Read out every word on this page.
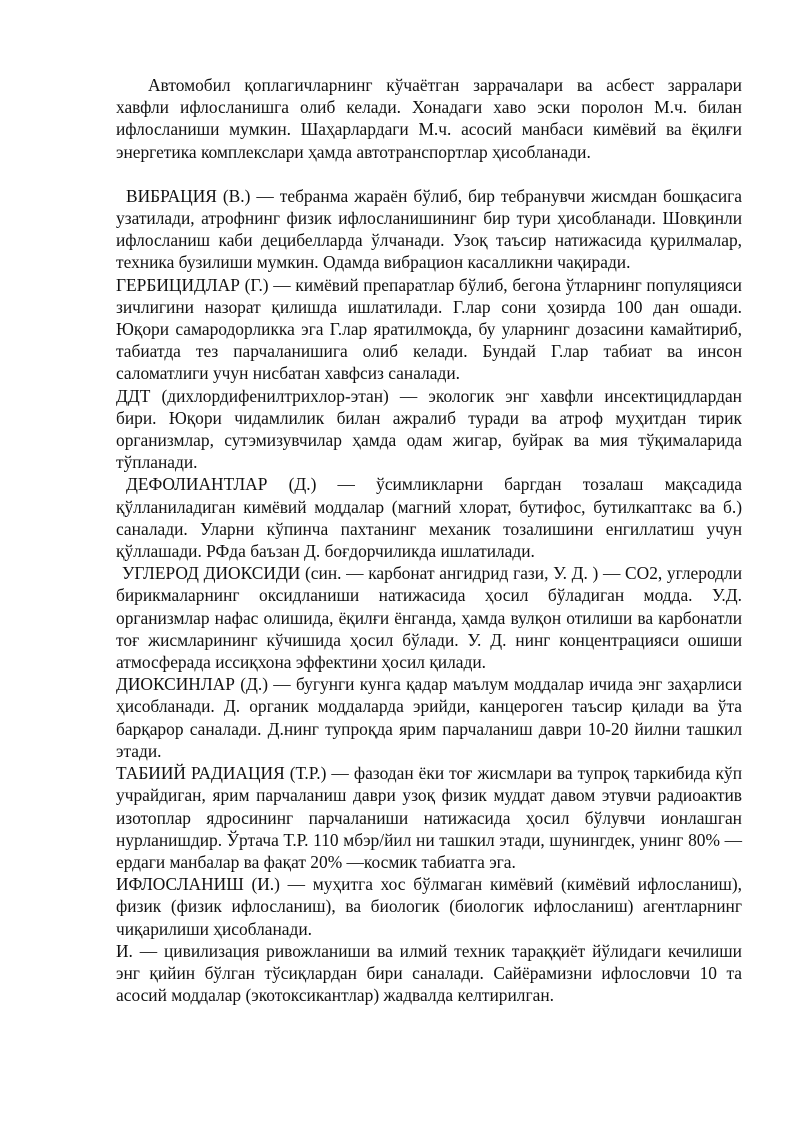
Автомобил қоплагичларнинг кўчаётган заррачалари ва асбест зарралари хавфли ифлосланишга олиб келади. Хонадаги хаво эски поролон М.ч. билан ифлосланиши мумкин. Шаҳарлардаги М.ч. асосий манбаси кимёвий ва ёқилғи энергетика комплекслари ҳамда автотранспортлар ҳисобланади.

ВИБРАЦИЯ (В.) — тебранма жараён бўлиб, бир тебранувчи жисмдан бошқасига узатилади, атрофнинг физик ифлосланишининг бир тури ҳисобланади. Шовқинли ифлосланиш каби децибелларда ўлчанади. Узоқ таъсир натижасида қурилмалар, техника бузилиши мумкин. Одамда вибрацион касалликни чақиради.

ГЕРБИЦИДЛАР (Г.) — кимёвий препаратлар бўлиб, бегона ўтларнинг популяцияси зичлигини назорат қилишда ишлатилади. Г.лар сони ҳозирда 100 дан ошади. Юқори самародорликка эга Г.лар яратилмоқда, бу уларнинг дозасини камайтириб, табиатда тез парчаланишига олиб келади. Бундай Г.лар табиат ва инсон саломатлиги учун нисбатан хавфсиз саналади.

ДДТ (дихлордифенилтрихлор-этан) — экологик энг хавфли инсектицидлардан бири. Юқори чидамлилик билан ажралиб туради ва атроф муҳитдан тирик организмлар, сутэмизувчилар ҳамда одам жигар, буйрак ва мия тўқималарида тўпланади.

ДЕФОЛИАНТЛАР (Д.) — ўсимликларни баргдан тозалаш мақсадида қўлланиладиган кимёвий моддалар (магний хлорат, бутифос, бутилкаптакс ва б.) саналади. Уларни кўпинча пахтанинг механик тозалишини енгиллатиш учун қўллашади. РФда баъзан Д. боғдорчиликда ишлатилади.

УГЛЕРОД ДИОКСИДИ (син. — карбонат ангидрид гази, У. Д. ) — CO2, углеродли бирикмаларнинг оксидланиши натижасида ҳосил бўладиган модда. У.Д. организмлар нафас олишида, ёқилғи ёнганда, ҳамда вулқон отилиши ва карбонатли тоғ жисмларининг кўчишида ҳосил бўлади. У. Д. нинг концентрацияси ошиши атмосферада иссиқхона эффектини ҳосил қилади.

ДИОКСИНЛАР (Д.) — бугунги кунга қадар маълум моддалар ичида энг заҳарлиси ҳисобланади. Д. органик моддаларда эрийди, канцероген таъсир қилади ва ўта барқарор саналади. Д.нинг тупроқда ярим парчаланиш даври 10-20 йилни ташкил этади.

ТАБИИЙ РАДИАЦИЯ (Т.Р.) — фазодан ёки тоғ жисмлари ва тупроқ таркибида кўп учрайдиган, ярим парчаланиш даври узоқ физик муддат давом этувчи радиоактив изотоплар ядросининг парчаланиши натижасида ҳосил бўлувчи ионлашган нурланишдир. Ўртача Т.Р. 110 мбэр/йил ни ташкил этади, шунингдек, унинг 80% — ердаги манбалар ва фақат 20% —космик табиатга эга.

ИФЛОСЛАНИШ (И.) — муҳитга хос бўлмаган кимёвий (кимёвий ифлосланиш), физик (физик ифлосланиш), ва биологик (биологик ифлосланиш) агентларнинг чиқарилиши ҳисобланади.

И. — цивилизация ривожланиши ва илмий техник тараққиёт йўлидаги кечилиши энг қийин бўлган тўсиқлардан бири саналади. Сайёрамизни ифлословчи 10 та асосий моддалар (экотоксикантлар) жадвалда келтирилган.
